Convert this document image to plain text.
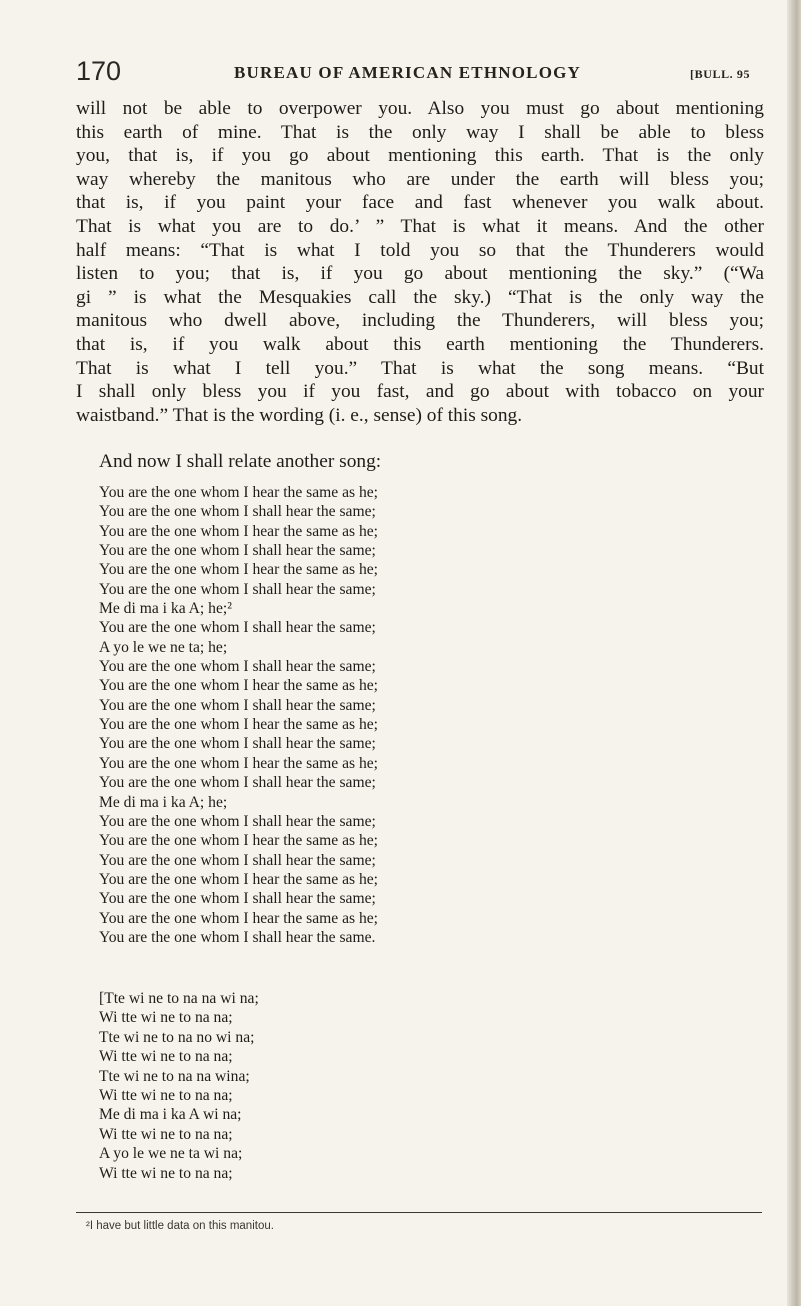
170	BUREAU OF AMERICAN ETHNOLOGY	[BULL. 95

will not be able to overpower you. Also you must go about mentioning
this earth of mine. That is the only way I shall be able to bless
you, that is, if you go about mentioning this earth. That is the only
way whereby the manitous who are under the earth will bless you;
that is, if you paint your face and fast whenever you walk about.
That is what you are to do.’ ” That is what it means. And the other
half means: “That is what I told you so that the Thunderers would
listen to you; that is, if you go about mentioning the sky.” (“Wa
gi ” is what the Mesquakies call the sky.) “That is the only way the
manitous who dwell above, including the Thunderers, will bless you;
that is, if you walk about this earth mentioning the Thunderers.
That is what I tell you.” That is what the song means. “But
I shall only bless you if you fast, and go about with tobacco on your
waistband.” That is the wording (i. e., sense) of this song.

And now I shall relate another song:

You are the one whom I hear the same as he;
You are the one whom I shall hear the same;
You are the one whom I hear the same as he;
You are the one whom I shall hear the same;
You are the one whom I hear the same as he;
You are the one whom I shall hear the same;
Me di ma i ka A; he;²
You are the one whom I shall hear the same;
A yo le we ne ta; he;
You are the one whom I shall hear the same;
You are the one whom I hear the same as he;
You are the one whom I shall hear the same;
You are the one whom I hear the same as he;
You are the one whom I shall hear the same;
You are the one whom I hear the same as he;
You are the one whom I shall hear the same;
Me di ma i ka A; he;
You are the one whom I shall hear the same;
You are the one whom I hear the same as he;
You are the one whom I shall hear the same;
You are the one whom I hear the same as he;
You are the one whom I shall hear the same;
You are the one whom I hear the same as he;
You are the one whom I shall hear the same.
[Tte wi ne to na na wi na;
Wi tte wi ne to na na;
Tte wi ne to na no wi na;
Wi tte wi ne to na na;
Tte wi ne to na na wina;
Wi tte wi ne to na na;
Me di ma i ka A wi na;
Wi tte wi ne to na na;
A yo le we ne ta wi na;
Wi tte wi ne to na na;
²I have but little data on this manitou.
